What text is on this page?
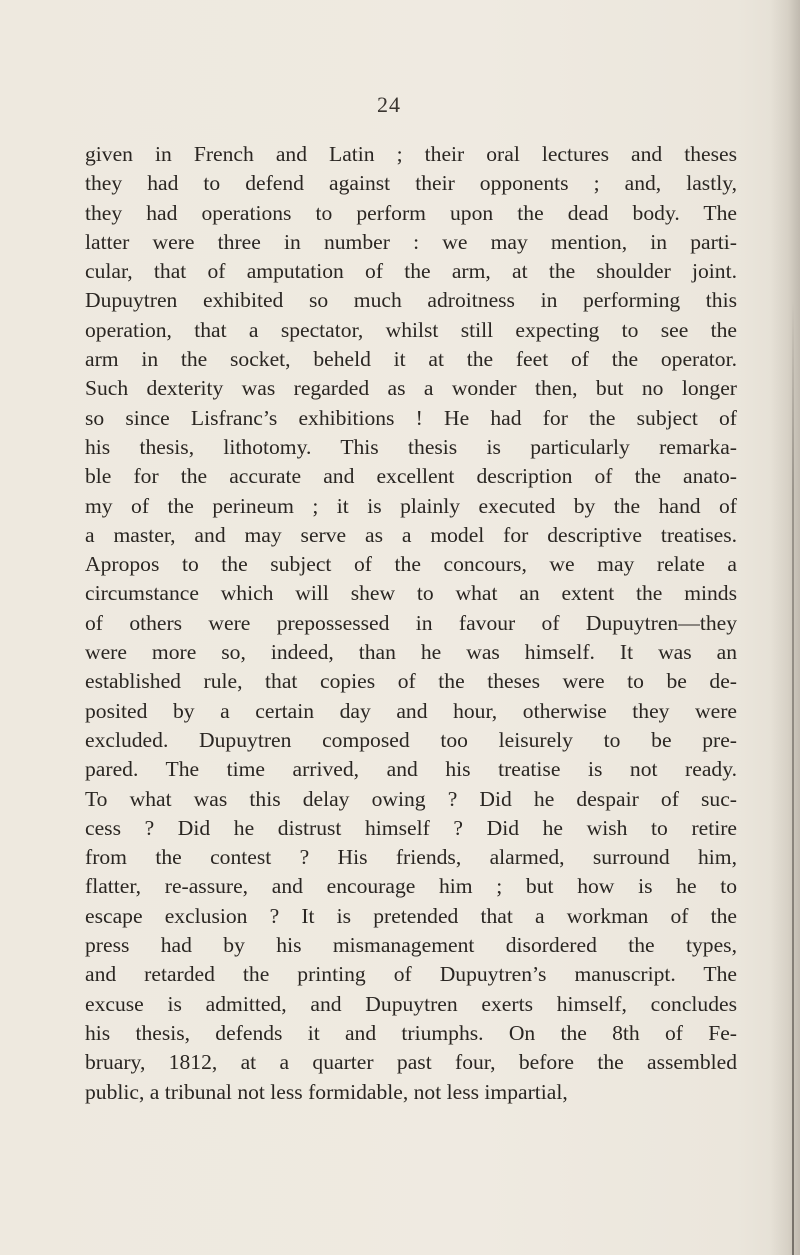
24
given in French and Latin ; their oral lectures and theses
they had to defend against their opponents ; and, lastly,
they had operations to perform upon the dead body. The
latter were three in number : we may mention, in parti-
cular, that of amputation of the arm, at the shoulder joint.
Dupuytren exhibited so much adroitness in performing this
operation, that a spectator, whilst still expecting to see the
arm in the socket, beheld it at the feet of the operator.
Such dexterity was regarded as a wonder then, but no longer
so since Lisfranc’s exhibitions ! He had for the subject of
his thesis, lithotomy. This thesis is particularly remarka-
ble for the accurate and excellent description of the anato-
my of the perineum ; it is plainly executed by the hand of
a master, and may serve as a model for descriptive treatises.
Apropos to the subject of the concours, we may relate a
circumstance which will shew to what an extent the minds
of others were prepossessed in favour of Dupuytren—they
were more so, indeed, than he was himself. It was an
established rule, that copies of the theses were to be de-
posited by a certain day and hour, otherwise they were
excluded. Dupuytren composed too leisurely to be pre-
pared. The time arrived, and his treatise is not ready.
To what was this delay owing ? Did he despair of suc-
cess ? Did he distrust himself ? Did he wish to retire
from the contest ? His friends, alarmed, surround him,
flatter, re-assure, and encourage him ; but how is he to
escape exclusion ? It is pretended that a workman of the
press had by his mismanagement disordered the types,
and retarded the printing of Dupuytren’s manuscript. The
excuse is admitted, and Dupuytren exerts himself, concludes
his thesis, defends it and triumphs. On the 8th of Fe-
bruary, 1812, at a quarter past four, before the assembled
public, a tribunal not less formidable, not less impartial,
